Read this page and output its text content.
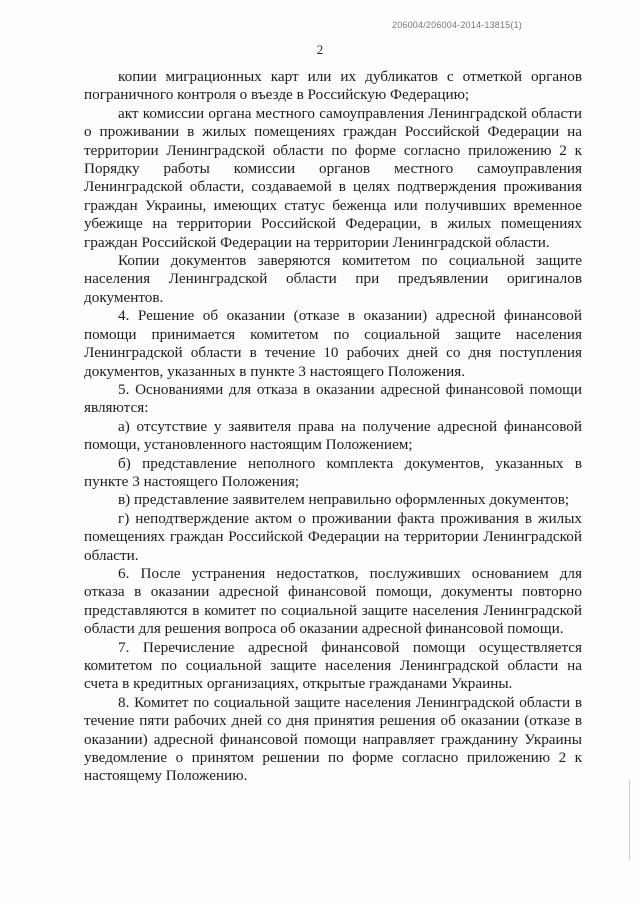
206004/206004-2014-13815(1)
2

копии миграционных карт или их дубликатов с отметкой органов пограничного контроля о въезде в Российскую Федерацию;

акт комиссии органа местного самоуправления Ленинградской области о проживании в жилых помещениях граждан Российской Федерации на территории Ленинградской области по форме согласно приложению 2 к Порядку работы комиссии органов местного самоуправления Ленинградской области, создаваемой в целях подтверждения проживания граждан Украины, имеющих статус беженца или получивших временное убежище на территории Российской Федерации, в жилых помещениях граждан Российской Федерации на территории Ленинградской области.

Копии документов заверяются комитетом по социальной защите населения Ленинградской области при предъявлении оригиналов документов.

4. Решение об оказании (отказе в оказании) адресной финансовой помощи принимается комитетом по социальной защите населения Ленинградской области в течение 10 рабочих дней со дня поступления документов, указанных в пункте 3 настоящего Положения.

5. Основаниями для отказа в оказании адресной финансовой помощи являются:

а) отсутствие у заявителя права на получение адресной финансовой помощи, установленного настоящим Положением;

б) представление неполного комплекта документов, указанных в пункте 3 настоящего Положения;

в) представление заявителем неправильно оформленных документов;

г) неподтверждение актом о проживании факта проживания в жилых помещениях граждан Российской Федерации на территории Ленинградской области.

6. После устранения недостатков, послуживших основанием для отказа в оказании адресной финансовой помощи, документы повторно представляются в комитет по социальной защите населения Ленинградской области для решения вопроса об оказании адресной финансовой помощи.

7. Перечисление адресной финансовой помощи осуществляется комитетом по социальной защите населения Ленинградской области на счета в кредитных организациях, открытые гражданами Украины.

8. Комитет по социальной защите населения Ленинградской области в течение пяти рабочих дней со дня принятия решения об оказании (отказе в оказании) адресной финансовой помощи направляет гражданину Украины уведомление о принятом решении по форме согласно приложению 2 к настоящему Положению.
